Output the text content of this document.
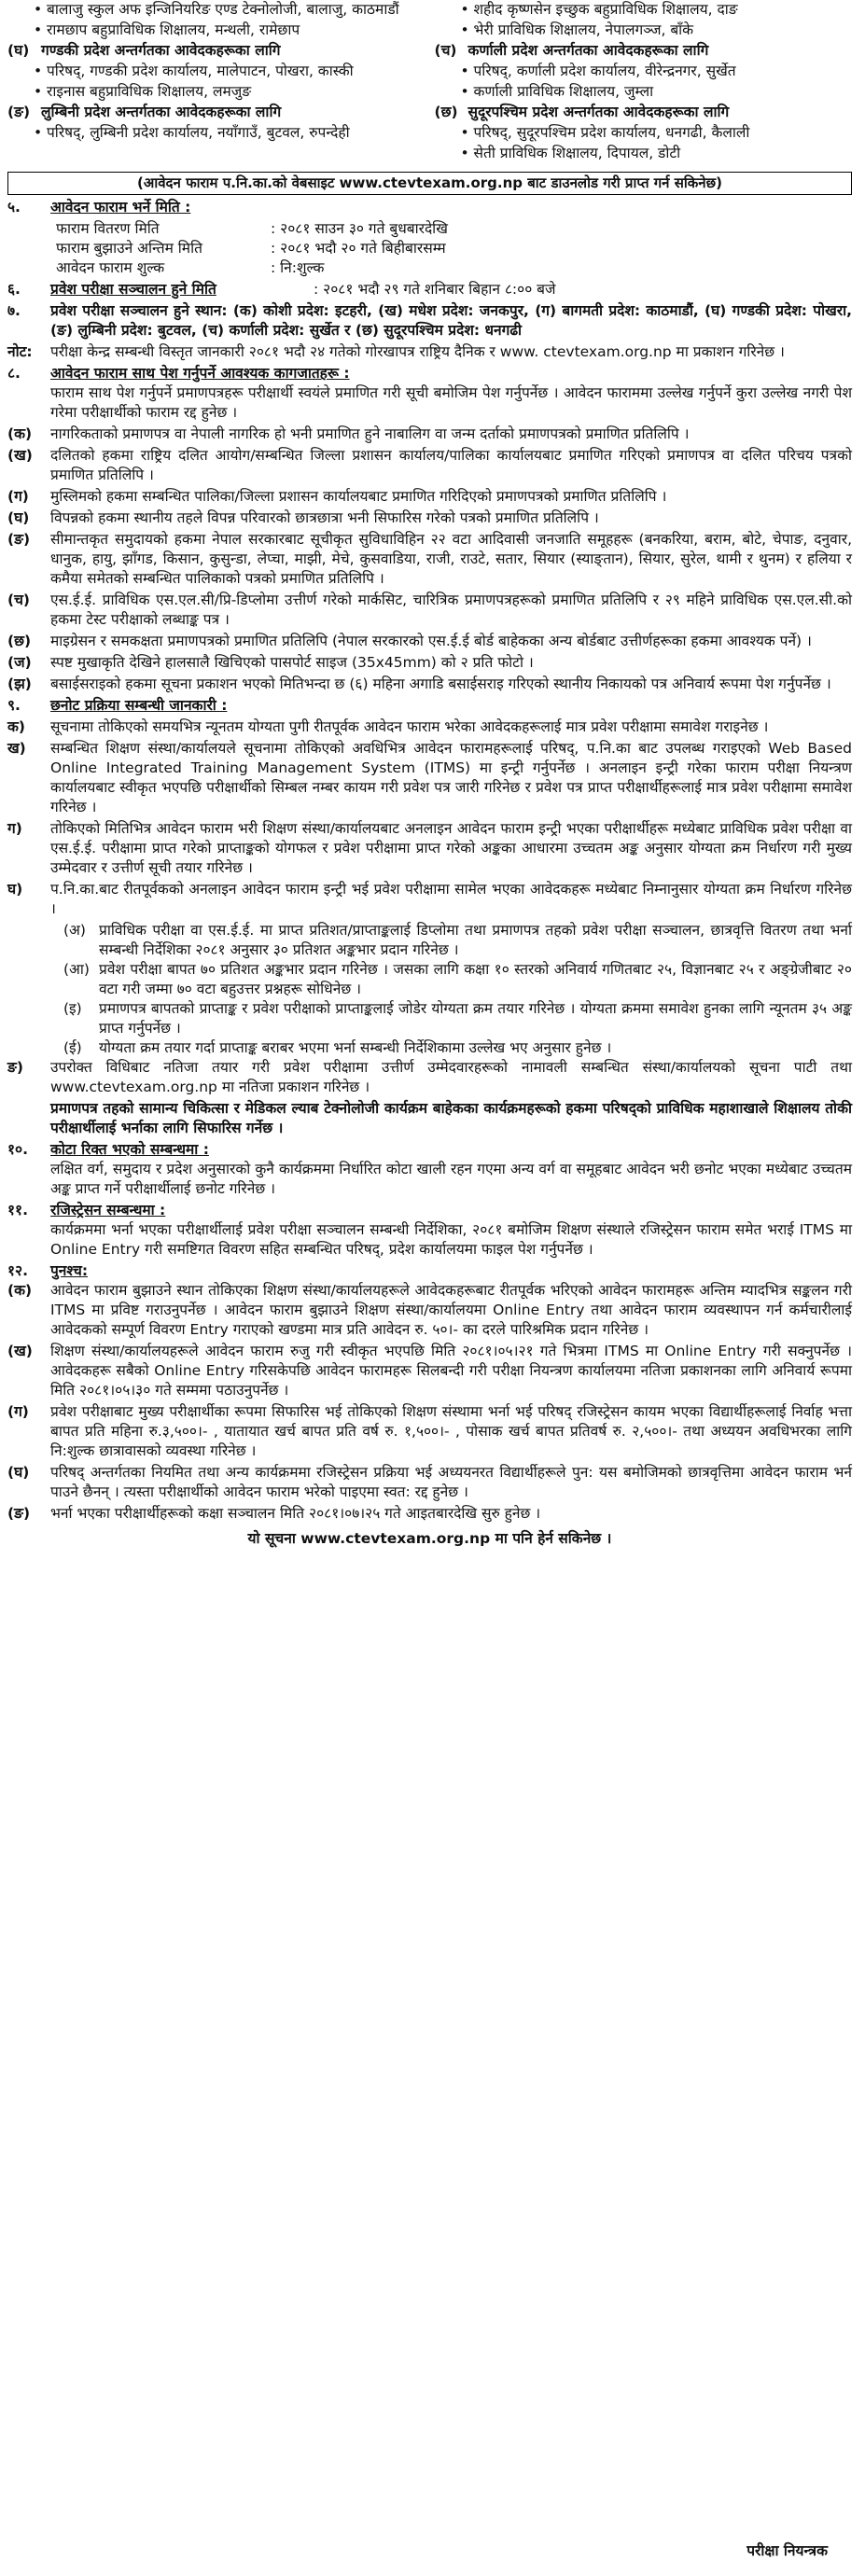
• बालाजु स्कुल अफ इन्जिनियरिङ एण्ड टेक्नोलोजी, बालाजु, काठमाडौं
• रामछाप बहुप्राविधिक शिक्षालय, मन्थली, रामेछाप
(घ) गण्डकी प्रदेश अन्तर्गतका आवेदकहरूका लागि
• परिषद्, गण्डकी प्रदेश कार्यालय, मालेपाटन, पोखरा, कास्की
• राइनास बहुप्राविधिक शिक्षालय, लमजुङ
(ङ) लुम्बिनी प्रदेश अन्तर्गतका आवेदकहरूका लागि
• परिषद्, लुम्बिनी प्रदेश कार्यालय, नयाँगाउँ, बुटवल, रुपन्देही
• शहीद कृष्णसेन इच्छुक बहुप्राविधिक शिक्षालय, दाङ
• भेरी प्राविधिक शिक्षालय, नेपालगञ्ज, बाँके
(च) कर्णाली प्रदेश अन्तर्गतका आवेदकहरूका लागि
• परिषद्, कर्णाली प्रदेश कार्यालय, वीरेन्द्रनगर, सुर्खेत
• कर्णाली प्राविधिक शिक्षालय, जुम्ला
(छ) सुदूरपश्चिम प्रदेश अन्तर्गतका आवेदकहरूका लागि
• परिषद्, सुदूरपश्चिम प्रदेश कार्यालय, धनगढी, कैलाली
• सेती प्राविधिक शिक्षालय, दिपायल, डोटी
(आवेदन फाराम प.नि.का.को वेबसाइट www.ctevtexam.org.np बाट डाउनलोड गरी प्राप्त गर्न सकिनेछ)
५.	आवेदन फाराम भर्ने मिति :
फाराम वितरण मिति	: २०८१ साउन ३० गते बुधबारदेखि
फाराम बुझाउने अन्तिम मिति	: २०८१ भदौ २० गते बिहीबारसम्म
आवेदन फाराम शुल्क	: नि:शुल्क
६.	प्रवेश परीक्षा सञ्चालन हुने मिति	: २०८१ भदौ २९ गते शनिबार बिहान ८:०० बजे
७.	प्रवेश परीक्षा सञ्चालन हुने स्थान: (क) कोशी प्रदेश: इटहरी, (ख) मधेश प्रदेश: जनकपुर, (ग) बागमती प्रदेश: काठमाडौं, (घ) गण्डकी प्रदेश: पोखरा, (ङ) लुम्बिनी प्रदेश: बुटवल, (च) कर्णाली प्रदेश: सुर्खेत र (छ) सुदूरपश्चिम प्रदेश: धनगढी
नोट:	परीक्षा केन्द्र सम्बन्धी विस्तृत जानकारी २०८१ भदौ २४ गतेको गोरखापत्र राष्ट्रिय दैनिक र www. ctevtexam.org.np मा प्रकाशन गरिनेछ ।
८.	आवेदन फाराम साथ पेश गर्नुपर्ने आवश्यक कागजातहरू :
फाराम साथ पेश गर्नुपर्ने प्रमाणपत्रहरू परीक्षार्थी स्वयंले प्रमाणित गरी सूची बमोजिम पेश गर्नुपर्नेछ । आवेदन फाराममा उल्लेख गर्नुपर्ने कुरा उल्लेख नगरी पेश गरेमा परीक्षार्थीको फाराम रद्द हुनेछ ।
(क)	नागरिकताको प्रमाणपत्र वा नेपाली नागरिक हो भनी प्रमाणित हुने नाबालिग वा जन्म दर्ताको प्रमाणपत्रको प्रमाणित प्रतिलिपि ।
(ख)	दलितको हकमा राष्ट्रिय दलित आयोग/सम्बन्धित जिल्ला प्रशासन कार्यालय/पालिका कार्यालयबाट प्रमाणित गरिएको प्रमाणपत्र वा दलित परिचय पत्रको प्रमाणित प्रतिलिपि ।
(ग)	मुस्लिमको हकमा सम्बन्धित पालिका/जिल्ला प्रशासन कार्यालयबाट प्रमाणित गरिदिएको प्रमाणपत्रको प्रमाणित प्रतिलिपि ।
(घ)	विपन्नको हकमा स्थानीय तहले विपन्न परिवारको छात्रछात्रा भनी सिफारिस गरेको पत्रको प्रमाणित प्रतिलिपि ।
(ङ)	सीमान्तकृत समुदायको हकमा नेपाल सरकारबाट सूचीकृत सुविधाविहिन २२ वटा आदिवासी जनजाति समूहहरू (बनकरिया, बराम, बोटे, चेपाङ, दनुवार, धानुक, हायु, झाँगड, किसान, कुसुन्डा, लेप्चा, माझी, मेचे, कुसवाडिया, राजी, राउटे, सतार, सियार (स्याङ्तान), सियार, सुरेल, थामी र थुनम) र हलिया र कमैया समेतको सम्बन्धित पालिकाको पत्रको प्रमाणित प्रतिलिपि ।
(च)	एस.ई.ई. प्राविधिक एस.एल.सी/प्रि-डिप्लोमा उत्तीर्ण गरेको मार्कसिट, चारित्रिक प्रमाणपत्रहरूको प्रमाणित प्रतिलिपि र २९ महिने प्राविधिक एस.एल.सी.को हकमा टेस्ट परीक्षाको लब्धाङ्क पत्र ।
(छ)	माइग्रेसन र समकक्षता प्रमाणपत्रको प्रमाणित प्रतिलिपि (नेपाल सरकारको एस.ई.ई बोर्ड बाहेकका अन्य बोर्डबाट उत्तीर्णहरूका हकमा आवश्यक पर्ने) ।
(ज)	स्पष्ट मुखाकृति देखिने हालसालै खिचिएको पासपोर्ट साइज (35x45mm) को २ प्रति फोटो ।
(झ)	बसाईसराइको हकमा सूचना प्रकाशन भएको मितिभन्दा छ (६) महिना अगाडि बसाईसराइ गरिएको स्थानीय निकायको पत्र अनिवार्य रूपमा पेश गर्नुपर्नेछ ।
९.	छनोट प्रक्रिया सम्बन्धी जानकारी :
क)	सूचनामा तोकिएको समयभित्र न्यूनतम योग्यता पुगी रीतपूर्वक आवेदन फाराम भरेका आवेदकहरूलाई मात्र प्रवेश परीक्षामा समावेश गराइनेछ ।
ख)	सम्बन्धित शिक्षण संस्था/कार्यालयले सूचनामा तोकिएको अवधिभित्र आवेदन फारामहरूलाई परिषद्, प.नि.का बाट उपलब्ध गराइएको Web Based Online Integrated Training Management System (ITMS) मा इन्ट्री गर्नुपर्नेछ । अनलाइन इन्ट्री गरेका फाराम परीक्षा नियन्त्रण कार्यालयबाट स्वीकृत भएपछि परीक्षार्थीको सिम्बल नम्बर कायम गरी प्रवेश पत्र जारी गरिनेछ र प्रवेश पत्र प्राप्त परीक्षार्थीहरूलाई मात्र प्रवेश परीक्षामा समावेश गरिनेछ ।
ग)	तोकिएको मितिभित्र आवेदन फाराम भरी शिक्षण संस्था/कार्यालयबाट अनलाइन आवेदन फाराम इन्ट्री भएका परीक्षार्थीहरू मध्येबाट प्राविधिक प्रवेश परीक्षा वा एस.ई.ई. परीक्षामा प्राप्त गरेको प्राप्ताङ्कको योगफल र प्रवेश परीक्षामा प्राप्त गरेको अङ्कका आधारमा उच्चतम अङ्क अनुसार योग्यता क्रम निर्धारण गरी मुख्य उम्मेदवार र उत्तीर्ण सूची तयार गरिनेछ ।
घ)	प.नि.का.बाट रीतपूर्वकको अनलाइन आवेदन फाराम इन्ट्री भई प्रवेश परीक्षामा सामेल भएका आवेदकहरू मध्येबाट निम्नानुसार योग्यता क्रम निर्धारण गरिनेछ ।
(अ) प्राविधिक परीक्षा वा एस.ई.ई. मा प्राप्त प्रतिशत/प्राप्ताङ्कलाई डिप्लोमा तथा प्रमाणपत्र तहको प्रवेश परीक्षा सञ्चालन, छात्रवृत्ति वितरण तथा भर्ना सम्बन्धी निर्देशिका २०८१ अनुसार ३० प्रतिशत अङ्कभार प्रदान गरिनेछ ।
(आ) प्रवेश परीक्षा बापत ७० प्रतिशत अङ्कभार प्रदान गरिनेछ । जसका लागि कक्षा १० स्तरको अनिवार्य गणितबाट २५, विज्ञानबाट २५ र अङ्ग्रेजीबाट २० वटा गरी जम्मा ७० वटा बहुउत्तर प्रश्नहरू सोधिनेछ ।
(इ)	प्रमाणपत्र बापतको प्राप्ताङ्क र प्रवेश परीक्षाको प्राप्ताङ्कलाई जोडेर योग्यता क्रम तयार गरिनेछ । योग्यता क्रममा समावेश हुनका लागि न्यूनतम ३५ अङ्क प्राप्त गर्नुपर्नेछ ।
(ई)	योग्यता क्रम तयार गर्दा प्राप्ताङ्क बराबर भएमा भर्ना सम्बन्धी निर्देशिकामा उल्लेख भए अनुसार हुनेछ ।
ङ)	उपरोक्त विधिबाट नतिजा तयार गरी प्रवेश परीक्षामा उत्तीर्ण उम्मेदवारहरूको नामावली सम्बन्धित संस्था/कार्यालयको सूचना पाटी तथा www.ctevtexam.org.np मा नतिजा प्रकाशन गरिनेछ ।
प्रमाणपत्र तहको सामान्य चिकित्सा र मेडिकल ल्याब टेक्नोलोजी कार्यक्रम बाहेकका कार्यक्रमहरूको हकमा परिषद्को प्राविधिक महाशाखाले शिक्षालय तोकी परीक्षार्थीलाई भर्नाका लागि सिफारिस गर्नेछ ।
१०.	कोटा रिक्त भएको सम्बन्धमा :
लक्षित वर्ग, समुदाय र प्रदेश अनुसारको कुनै कार्यक्रममा निर्धारित कोटा खाली रहन गएमा अन्य वर्ग वा समूहबाट आवेदन भरी छनोट भएका मध्येबाट उच्चतम अङ्क प्राप्त गर्ने परीक्षार्थीलाई छनोट गरिनेछ ।
११.	रजिस्ट्रेसन सम्बन्धमा :
कार्यक्रममा भर्ना भएका परीक्षार्थीलाई प्रवेश परीक्षा सञ्चालन सम्बन्धी निर्देशिका, २०८१ बमोजिम शिक्षण संस्थाले रजिस्ट्रेसन फाराम समेत भराई ITMS मा Online Entry गरी समष्टिगत विवरण सहित सम्बन्धित परिषद्, प्रदेश कार्यालयमा फाइल पेश गर्नुपर्नेछ ।
१२.	पुनश्च:
(क)	आवेदन फाराम बुझाउने स्थान तोकिएका शिक्षण संस्था/कार्यालयहरूले आवेदकहरूबाट रीतपूर्वक भरिएको आवेदन फारामहरू अन्तिम म्यादभित्र सङ्कलन गरी ITMS मा प्रविष्ट गराउनुपर्नेछ । आवेदन फाराम बुझाउने शिक्षण संस्था/कार्यालयमा Online Entry तथा आवेदन फाराम व्यवस्थापन गर्न कर्मचारीलाई आवेदकको सम्पूर्ण विवरण Entry गराएको खण्डमा मात्र प्रति आवेदन रु. ५०।- का दरले पारिश्रमिक प्रदान गरिनेछ ।
(ख)	शिक्षण संस्था/कार्यालयहरूले आवेदन फाराम रुजु गरी स्वीकृत भएपछि मिति २०८१।०५।२१ गते भित्रमा ITMS मा Online Entry गरी सक्नुपर्नेछ । आवेदकहरू सबैको Online Entry गरिसकेपछि आवेदन फारामहरू सिलबन्दी गरी परीक्षा नियन्त्रण कार्यालयमा नतिजा प्रकाशनका लागि अनिवार्य रूपमा मिति २०८१।०५।३० गते सम्ममा पठाउनुपर्नेछ ।
(ग)	प्रवेश परीक्षाबाट मुख्य परीक्षार्थीका रूपमा सिफारिस भई तोकिएको शिक्षण संस्थामा भर्ना भई परिषद् रजिस्ट्रेसन कायम भएका विद्यार्थीहरूलाई निर्वाह भत्ता बापत प्रति महिना रु.३,५००।- , यातायात खर्च बापत प्रति वर्ष रु. १,५००।- , पोसाक खर्च बापत प्रतिवर्ष रु. २,५००।- तथा अध्ययन अवधिभरका लागि नि:शुल्क छात्रावासको व्यवस्था गरिनेछ ।
(घ)	परिषद् अन्तर्गतका नियमित तथा अन्य कार्यक्रममा रजिस्ट्रेसन प्रक्रिया भई अध्ययनरत विद्यार्थीहरूले पुन: यस बमोजिमको छात्रवृत्तिमा आवेदन फाराम भर्न पाउने छैनन् । त्यस्ता परीक्षार्थीको आवेदन फाराम भरेको पाइएमा स्वत: रद्द हुनेछ ।
(ङ)	भर्ना भएका परीक्षार्थीहरूको कक्षा सञ्चालन मिति २०८१।०७।२५ गते आइतबारदेखि सुरु हुनेछ ।
यो सूचना www.ctevtexam.org.np मा पनि हेर्न सकिनेछ ।
परीक्षा नियन्त्रक
